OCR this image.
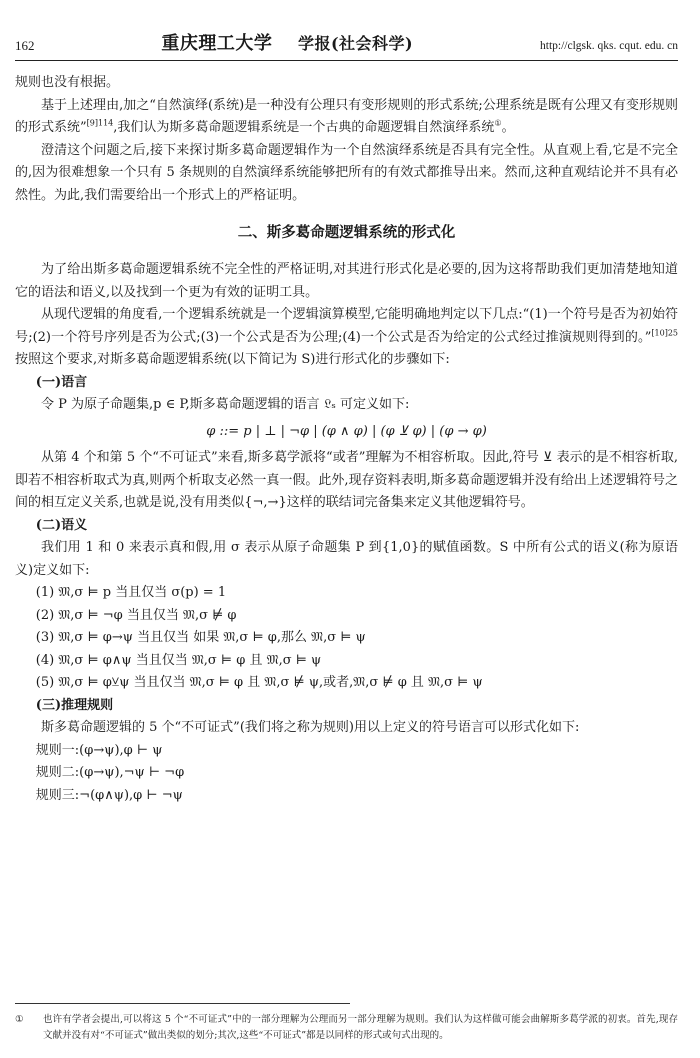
162	重庆理工大学 学报(社会科学)	http://clgsk. qks. cqut. edu. cn

规则也没有根据。

基于上述理由,加之“自然演绎(系统)是一种没有公理只有变形规则的形式系统;公理系统是既有公理又有变形规则的形式系统”$^{[9]114}$,我们认为斯多葛命题逻辑系统是一个古典的命题逻辑自然演绎系统①。

澄清这个问题之后,接下来探讨斯多葛命题逻辑作为一个自然演绎系统是否具有完全性。从直观上看,它是不完全的,因为很难想象一个只有 5 条规则的自然演绎系统能够把所有的有效式都推导出来。然而,这种直观结论并不具有必然性。为此,我们需要给出一个形式上的严格证明。

二、斯多葛命题逻辑系统的形式化

为了给出斯多葛命题逻辑系统不完全性的严格证明,对其进行形式化是必要的,因为这将帮助我们更加清楚地知道它的语法和语义,以及找到一个更为有效的证明工具。

从现代逻辑的角度看,一个逻辑系统就是一个逻辑演算模型,它能明确地判定以下几点:“(1)一个符号是否为初始符号;(2)一个符号序列是否为公式;(3)一个公式是否为公理;(4)一个公式是否为给定的公式经过推演规则得到的。”$^{[10]25}$按照这个要求,对斯多葛命题逻辑系统(以下简记为 S)进行形式化的步骤如下:

(一)语言

令 P 为原子命题集,p ∈ P,斯多葛命题逻辑的语言 𝔏ₛ 可定义如下:

φ ::= p | ⊥ | ¬φ | (φ ∧ φ) | (φ ⊻ φ) | (φ → φ)

从第 4 个和第 5 个“不可证式”来看,斯多葛学派将“或者”理解为不相容析取。因此,符号 ⊻ 表示的是不相容析取,即若不相容析取式为真,则两个析取支必然一真一假。此外,现存资料表明,斯多葛命题逻辑并没有给出上述逻辑符号之间的相互定义关系,也就是说,没有用类似{¬,→}这样的联结词完备集来定义其他逻辑符号。

(二)语义

我们用 1 和 0 来表示真和假,用 σ 表示从原子命题集 P 到{1,0}的赋值函数。S 中所有公式的语义(称为原语义)定义如下:

(1) 𝔐,σ ⊨ p 当且仅当 σ(p) = 1
(2) 𝔐,σ ⊨ ¬φ 当且仅当 𝔐,σ ⊭ φ
(3) 𝔐,σ ⊨ φ→ψ 当且仅当 如果 𝔐,σ ⊨ φ,那么 𝔐,σ ⊨ ψ
(4) 𝔐,σ ⊨ φ∧ψ 当且仅当 𝔐,σ ⊨ φ 且 𝔐,σ ⊨ ψ
(5) 𝔐,σ ⊨ φ⊻ψ 当且仅当 𝔐,σ ⊨ φ 且 𝔐,σ ⊭ ψ,或者,𝔐,σ ⊭ φ 且 𝔐,σ ⊨ ψ
(三)推理规则

斯多葛命题逻辑的 5 个“不可证式”(我们将之称为规则)用以上定义的符号语言可以形式化如下:

规则一:(φ→ψ),φ ⊢ ψ
规则二:(φ→ψ),¬ψ ⊢ ¬φ
规则三:¬(φ∧ψ),φ ⊢ ¬ψ
①	也许有学者会提出,可以将这 5 个“不可证式”中的一部分理解为公理而另一部分理解为规则。我们认为这样做可能会曲解斯多葛学派的初衷。首先,现存文献并没有对“不可证式”做出类似的划分;其次,这些“不可证式”都是以同样的形式或句式出现的。
